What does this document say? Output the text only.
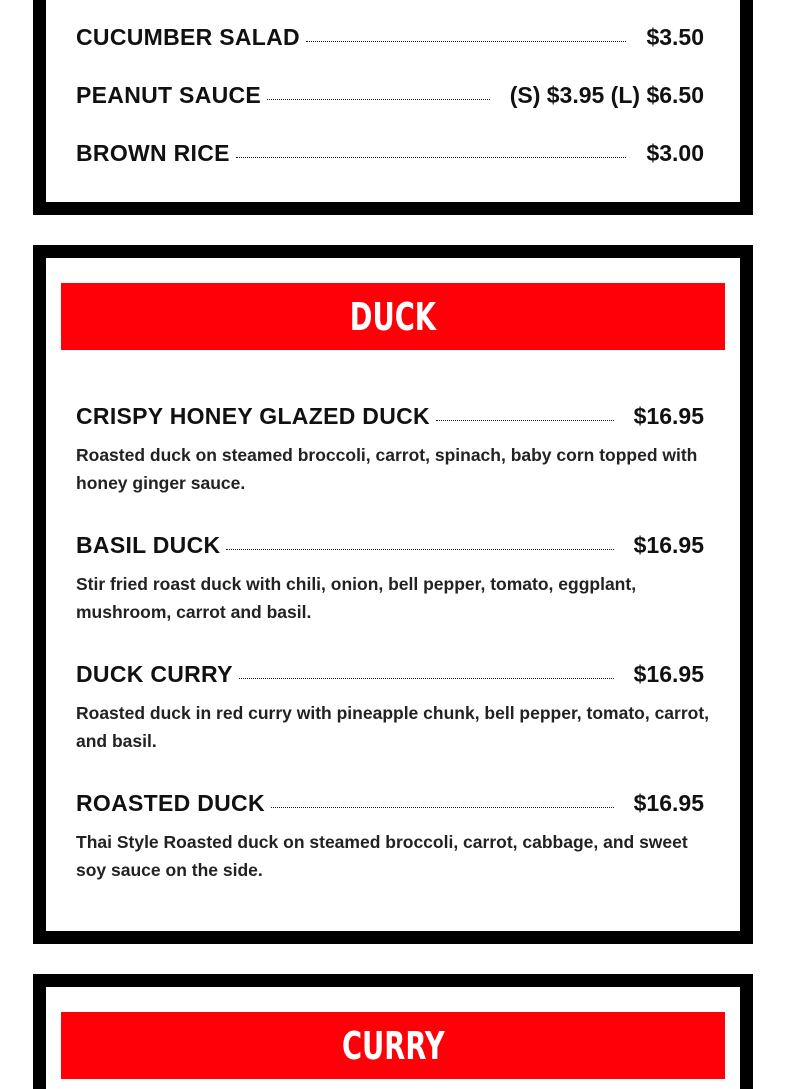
CUCUMBER SALAD	$3.50
PEANUT SAUCE	(S) $3.95 (L) $6.50
BROWN RICE	$3.00
DUCK
CRISPY HONEY GLAZED DUCK	$16.95
Roasted duck on steamed broccoli, carrot, spinach, baby corn topped with honey ginger sauce.
BASIL DUCK	$16.95
Stir fried roast duck with chili, onion, bell pepper, tomato, eggplant, mushroom, carrot and basil.
DUCK CURRY	$16.95
Roasted duck in red curry with pineapple chunk, bell pepper, tomato, carrot, and basil.
ROASTED DUCK	$16.95
Thai Style Roasted duck on steamed broccoli, carrot, cabbage, and sweet soy sauce on the side.
CURRY
